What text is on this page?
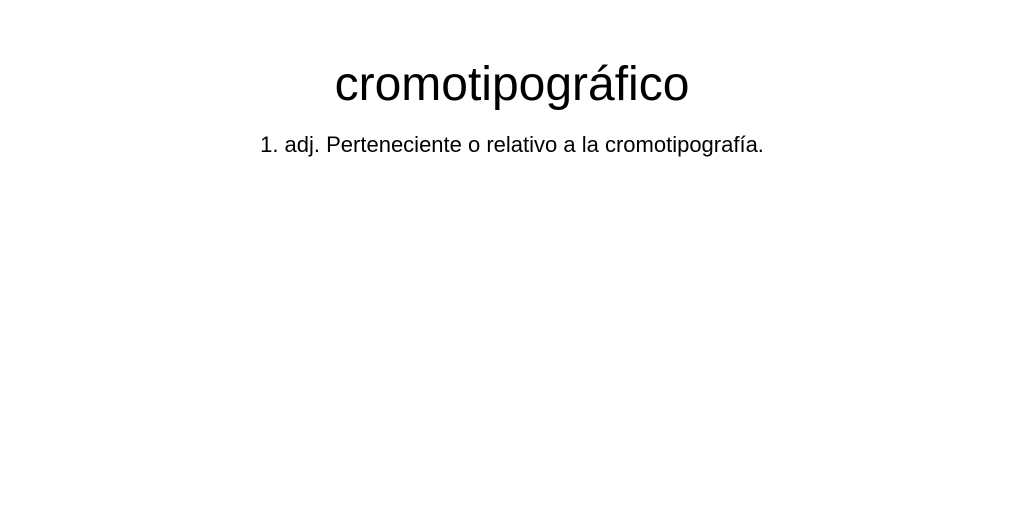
cromotipográfico

1. adj. Perteneciente o relativo a la cromotipografía.
